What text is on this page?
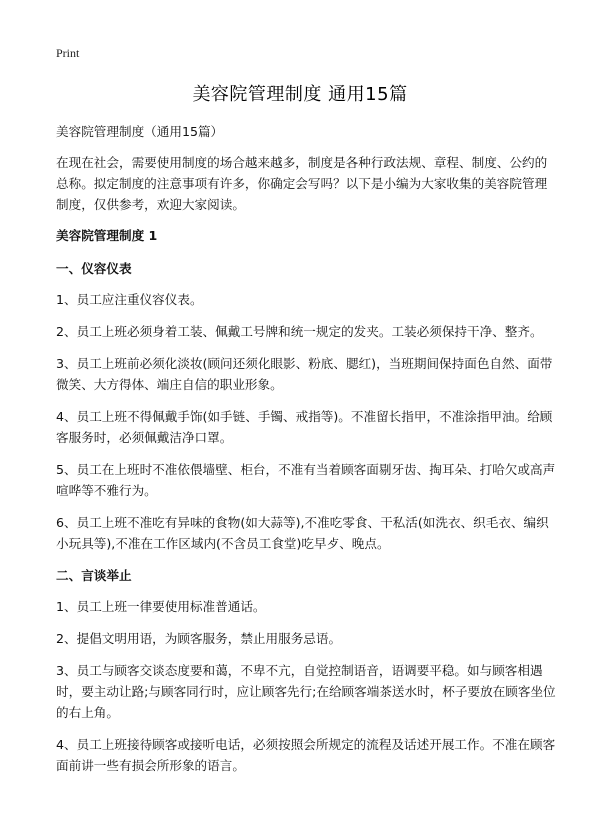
Print
美容院管理制度 通用15篇

美容院管理制度（通用15篇）

在现在社会，需要使用制度的场合越来越多，制度是各种行政法规、章程、制度、公约的总称。拟定制度的注意事项有许多，你确定会写吗？以下是小编为大家收集的美容院管理制度，仅供参考，欢迎大家阅读。

美容院管理制度 1

一、仪容仪表

1、员工应注重仪容仪表。

2、员工上班必须身着工装、佩戴工号牌和统一规定的发夹。工装必须保持干净、整齐。

3、员工上班前必须化淡妆(顾问还须化眼影、粉底、腮红)，当班期间保持面色自然、面带微笑、大方得体、端庄自信的职业形象。

4、员工上班不得佩戴手饰(如手链、手镯、戒指等)。不准留长指甲，不准涂指甲油。给顾客服务时，必须佩戴洁净口罩。

5、员工在上班时不准依偎墙壁、柜台，不准有当着顾客面剔牙齿、掏耳朵、打哈欠或高声喧哗等不雅行为。

6、员工上班不准吃有异味的食物(如大蒜等),不准吃零食、干私活(如洗衣、织毛衣、编织小玩具等),不准在工作区域内(不含员工食堂)吃早歺、晚点。

二、言谈举止

1、员工上班一律要使用标准普通话。

2、提倡文明用语，为顾客服务，禁止用服务忌语。

3、员工与顾客交谈态度要和蔼，不卑不亢，自觉控制语音，语调要平稳。如与顾客相遇时，要主动让路;与顾客同行时，应让顾客先行;在给顾客端茶送水时，杯子要放在顾客坐位的右上角。

4、员工上班接待顾客或接听电话，必须按照会所规定的流程及话述开展工作。不准在顾客面前讲一些有损会所形象的语言。
